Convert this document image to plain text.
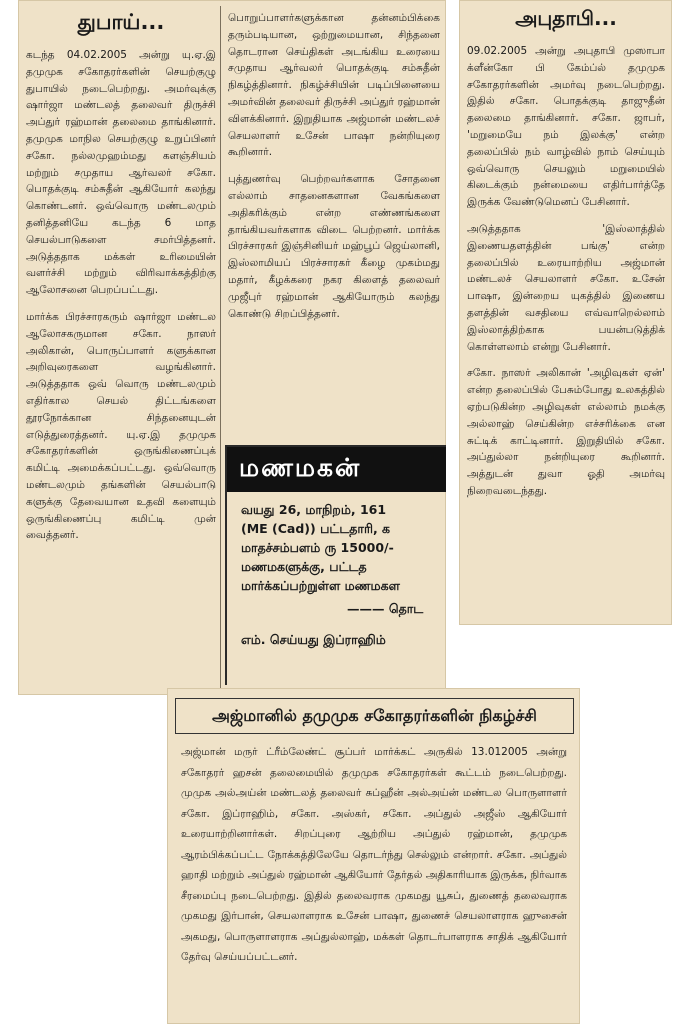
துபாய்...

கடந்த 04.02.2005 அன்று யு.ஏ.இ தமுமுக சகோதரர்களின் செயற்குழு துபாயில் நடைபெற்றது. அமர்வுக்கு ஷார்ஜா மண்டலத் தலைவர் திருச்சி அப்துர் ரஹ்மான் தலைமை தாங்கினார். தமுமுக மாநில செயற்குழு உறுப்பினர் சகோ. நல்லமுஹம்மது களஞ்சியம் மற்றும் சமுதாய ஆர்வலர் சகோ. பொதக்குடி சம்சுதீன் ஆகியோர் கலந்து கொண்டனர். ஒவ்வொரு மண்டலமும் தனித்தனியே கடந்த 6 மாத செயல்பாடுகளை சமர்பித்தனர். அடுத்ததாக மக்கள் உரிமையின் வளர்ச்சி மற்றும் விரிவாக்கத்திற்கு ஆலோசனை பெறப்பட்டது.

மார்க்க பிரச்சாரகரும் ஷார்ஜா மண்டல ஆலோசகருமான சகோ. நாஸர் அலிகான், பொருப்பாளர் களுக்கான அறிவுரைகளை வழங்கினார். அடுத்ததாக ஒவ் வொரு மண்டலமும் எதிர்கால செயல் திட்டங்களை தூரநோக்கான சிந்தனையுடன் எடுத்துரைத்தனர். யு.ஏ.இ தமுமுக சகோதரர்களின் ஒருங்கிணைப்புக் கமிட்டி அமைக்கப்பட்டது. ஒவ்வொரு மண்டலமும் தங்களின் செயல்பாடு களுக்கு தேவையான உதவி களையும் ஒருங்கிணைப்பு கமிட்டி முன் வைத்தனர்.

பொறுப்பாளர்களுக்கான தன்னம்பிக்கை தரும்படியான, ஒற்றுமையான, சிந்தனை தொடரான செய்திகள் அடங்கிய உரையை சமுதாய ஆர்வலர் பொதக்குடி சம்சுதீன் நிகழ்த்தினார். நிகழ்ச்சியின் படிப்பினையை அமர்வின் தலைவர் திருச்சி அப்துர் ரஹ்மான் விளக்கினார். இறுதியாக அஜ்மான் மண்டலச் செயலாளர் உசேன் பாஷா நன்றியுரை கூறினார்.

புத்துணர்வு பெற்றவர்களாக சோதனை எல்லாம் சாதனைகளான வேகங்களை அதிகரிக்கும் என்ற எண்ணங்களை தாங்கியவர்களாக விடை பெற்றனர். மார்க்க பிரச்சாரகர் இஞ்சினியர் மஹ்பூப் ஜெய்லானி, இஸ்லாமியப் பிரச்சாரகர் கீழை முகம்மது மதார், கீழக்கரை நகர கிளைத் தலைவர் முஜீபுர் ரஹ்மான் ஆகியோரும் கலந்து கொண்டு சிறப்பித்தனர்.

மணமகன்
வயது 26, மாநிறம், 161
(ME (Cad)) பட்டதாரி, க
மாதச்சம்பளம் ரு 15000/-
மணமகளுக்கு, பட்டத
மார்க்கப்பற்றுள்ள மணமகள
——— தொட
எம். செய்யது இப்ராஹிம்
அபுதாபி...

09.02.2005 அன்று அபுதாபி முஸாபா க்ளீன்கோ பி கேம்ப்ல் தமுமுக சகோதரர்களின் அமர்வு நடைபெற்றது. இதில் சகோ. பொதக்குடி தாஜுதீன் தலைமை தாங்கினார். சகோ. ஜாபர், 'மறுமையே நம் இலக்கு' என்ற தலைப்பில் நம் வாழ்வில் நாம் செய்யும் ஒவ்வொரு செயலும் மறுமையில் கிடைக்கும் நன்மையை எதிர்பார்த்தே இருக்க வேண்டுமெனப் பேசினார்.

அடுத்ததாக 'இஸ்லாத்தில் இணையதளத்தின் பங்கு' என்ற தலைப்பில் உரையாற்றிய அஜ்மான் மண்டலச் செயலாளர் சகோ. உசேன் பாஷா, இன்றைய யுகத்தில் இணைய தளத்தின் வசதியை எவ்வாறெல்லாம் இஸ்லாத்திற்காக பயன்படுத்திக் கொள்ளலாம் என்று பேசினார்.

சகோ. நாஸர் அலிகான் 'அழிவுகள் ஏன்' என்ற தலைப்பில் பேசும்போது உலகத்தில் ஏற்படுகின்ற அழிவுகள் எல்லாம் நமக்கு அல்லாஹ் செய்கின்ற எச்சரிக்கை என சுட்டிக் காட்டினார். இறுதியில் சகோ. அப்துல்லா நன்றியுரை கூறினார். அத்துடன் துவா ஓதி அமர்வு நிறைவடைந்தது.

அஜ்மானில் தமுமுக சகோதரர்களின் நிகழ்ச்சி

அஜ்மான் மருர் ட்ரீம்லேண்ட் சூப்பர் மார்க்கட் அருகில் 13.012005 அன்று சகோதரர் ஹசன் தலைமையில் தமுமுக சகோதரர்கள் கூட்டம் நடைபெற்றது. முமுக அல்அய்ன் மண்டலத் தலைவர் சுப்ஹீன் அல்அய்ன் மண்டல பொருளாளர் சகோ. இப்ராஹிம், சகோ. அஸ்கர், சகோ. அப்துல் அஜீஸ் ஆகியோர் உரையாற்றினார்கள். சிறப்புரை ஆற்றிய அப்துல் ரஹ்மான், தமுமுக ஆரம்பிக்கப்பட்ட நோக்கத்திலேயே தொடர்ந்து செல்லும் என்றார். சகோ. அப்துல் ஹாதி மற்றும் அப்துல் ரஹ்மான் ஆகியோர் தேர்தல் அதிகாரியாக இருக்க, நிர்வாக சீரமைப்பு நடைபெற்றது. இதில் தலைவராக முகமது யூசுப், துணைத் தலைவராக முகமது இர்பான், செயலாளராக உசேன் பாஷா, துணைச் செயலாளராக ஹுசைன் அகமது, பொருளாளராக அப்துல்லாஹ், மக்கள் தொடர்பாளராக சாதிக் ஆகியோர் தேர்வு செய்யப்பட்டனர்.
